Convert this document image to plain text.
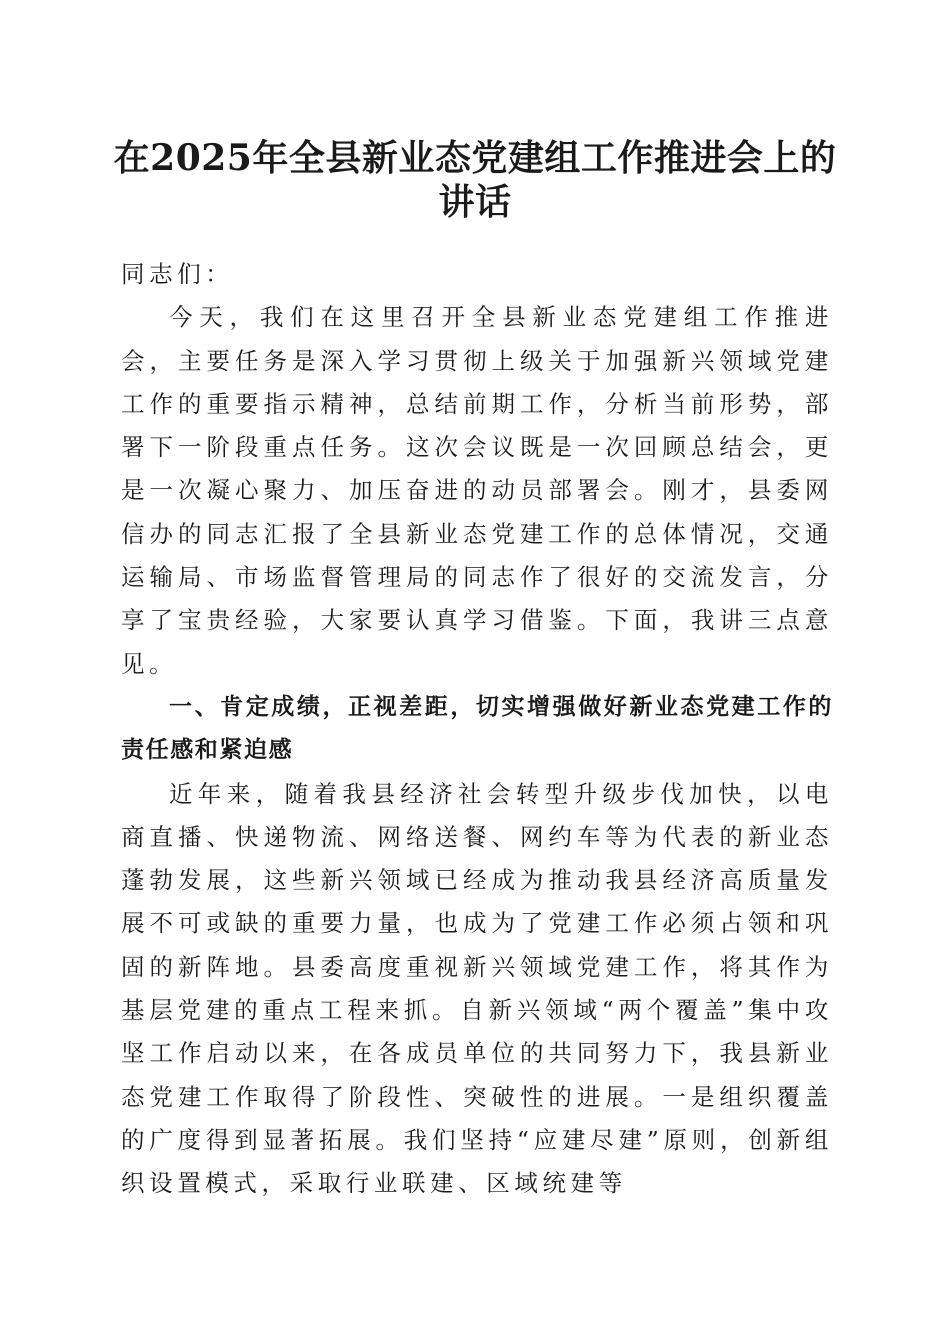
在2025年全县新业态党建组工作推进会上的
讲话

同志们：

今天，我们在这里召开全县新业态党建组工作推进会，主要任务是深入学习贯彻上级关于加强新兴领域党建工作的重要指示精神，总结前期工作，分析当前形势，部署下一阶段重点任务。这次会议既是一次回顾总结会，更是一次凝心聚力、加压奋进的动员部署会。刚才，县委网信办的同志汇报了全县新业态党建工作的总体情况，交通运输局、市场监督管理局的同志作了很好的交流发言，分享了宝贵经验，大家要认真学习借鉴。下面，我讲三点意见。

一、肯定成绩，正视差距，切实增强做好新业态党建工作的责任感和紧迫感

近年来，随着我县经济社会转型升级步伐加快，以电商直播、快递物流、网络送餐、网约车等为代表的新业态蓬勃发展，这些新兴领域已经成为推动我县经济高质量发展不可或缺的重要力量，也成为了党建工作必须占领和巩固的新阵地。县委高度重视新兴领域党建工作，将其作为基层党建的重点工程来抓。自新兴领域“两个覆盖”集中攻坚工作启动以来，在各成员单位的共同努力下，我县新业态党建工作取得了阶段性、突破性的进展。一是组织覆盖的广度得到显著拓展。我们坚持“应建尽建”原则，创新组织设置模式，采取行业联建、区域统建等
